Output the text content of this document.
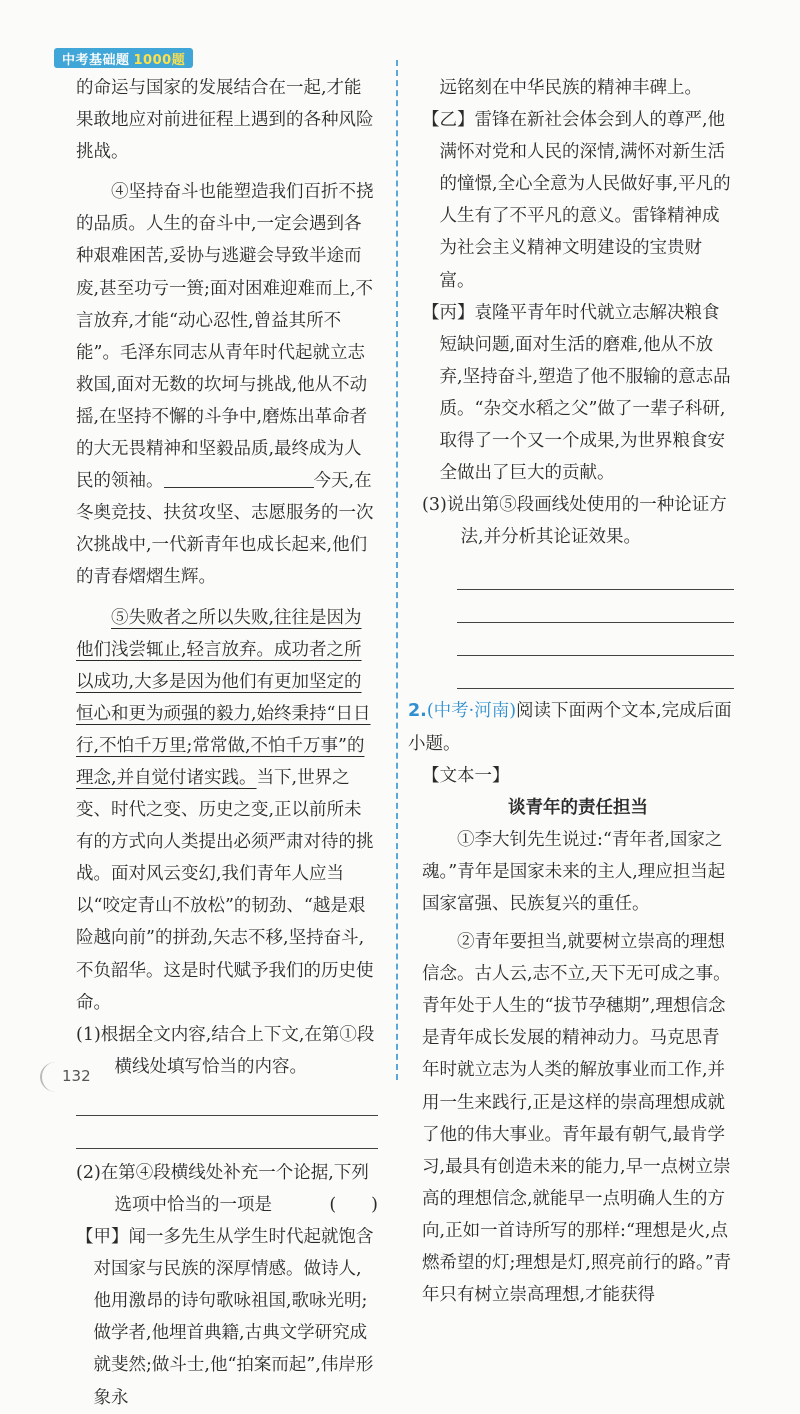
中考基础题 1000题

的命运与国家的发展结合在一起,才能果敢地应对前进征程上遇到的各种风险挑战。

④坚持奋斗也能塑造我们百折不挠的品质。人生的奋斗中,一定会遇到各种艰难困苦,妥协与逃避会导致半途而废,甚至功亏一篑;面对困难迎难而上,不言放弃,才能“动心忍性,曾益其所不能”。毛泽东同志从青年时代起就立志救国,面对无数的坎坷与挑战,他从不动摇,在坚持不懈的斗争中,磨炼出革命者的大无畏精神和坚毅品质,最终成为人民的领袖。	今天,在冬奥竞技、扶贫攻坚、志愿服务的一次次挑战中,一代新青年也成长起来,他们的青春熠熠生辉。

⑤失败者之所以失败,往往是因为他们浅尝辄止,轻言放弃。成功者之所以成功,大多是因为他们有更加坚定的恒心和更为顽强的毅力,始终秉持“日日行,不怕千万里;常常做,不怕千万事”的理念,并自觉付诸实践。当下,世界之变、时代之变、历史之变,正以前所未有的方式向人类提出必须严肃对待的挑战。面对风云变幻,我们青年人应当以“咬定青山不放松”的韧劲、“越是艰险越向前”的拼劲,矢志不移,坚持奋斗,不负韶华。这是时代赋予我们的历史使命。

(1)根据全文内容,结合上下文,在第①段横线处填写恰当的内容。

(2)在第④段横线处补充一个论据,下列选项中恰当的一项是	(　　)

【甲】闻一多先生从学生时代起就饱含对国家与民族的深厚情感。做诗人,他用激昂的诗句歌咏祖国,歌咏光明;做学者,他埋首典籍,古典文学研究成就斐然;做斗士,他“拍案而起”,伟岸形象永

远铭刻在中华民族的精神丰碑上。

【乙】雷锋在新社会体会到人的尊严,他满怀对党和人民的深情,满怀对新生活的憧憬,全心全意为人民做好事,平凡的人生有了不平凡的意义。雷锋精神成为社会主义精神文明建设的宝贵财富。

【丙】袁隆平青年时代就立志解决粮食短缺问题,面对生活的磨难,他从不放弃,坚持奋斗,塑造了他不服输的意志品质。“杂交水稻之父”做了一辈子科研,取得了一个又一个成果,为世界粮食安全做出了巨大的贡献。

(3)说出第⑤段画线处使用的一种论证方法,并分析其论证效果。

2.(中考·河南)阅读下面两个文本,完成后面小题。

【文本一】

谈青年的责任担当

①李大钊先生说过:“青年者,国家之魂。”青年是国家未来的主人,理应担当起国家富强、民族复兴的重任。

②青年要担当,就要树立崇高的理想信念。古人云,志不立,天下无可成之事。青年处于人生的“拔节孕穗期”,理想信念是青年成长发展的精神动力。马克思青年时就立志为人类的解放事业而工作,并用一生来践行,正是这样的崇高理想成就了他的伟大事业。青年最有朝气,最肯学习,最具有创造未来的能力,早一点树立崇高的理想信念,就能早一点明确人生的方向,正如一首诗所写的那样:“理想是火,点燃希望的灯;理想是灯,照亮前行的路。”青年只有树立崇高理想,才能获得

132
